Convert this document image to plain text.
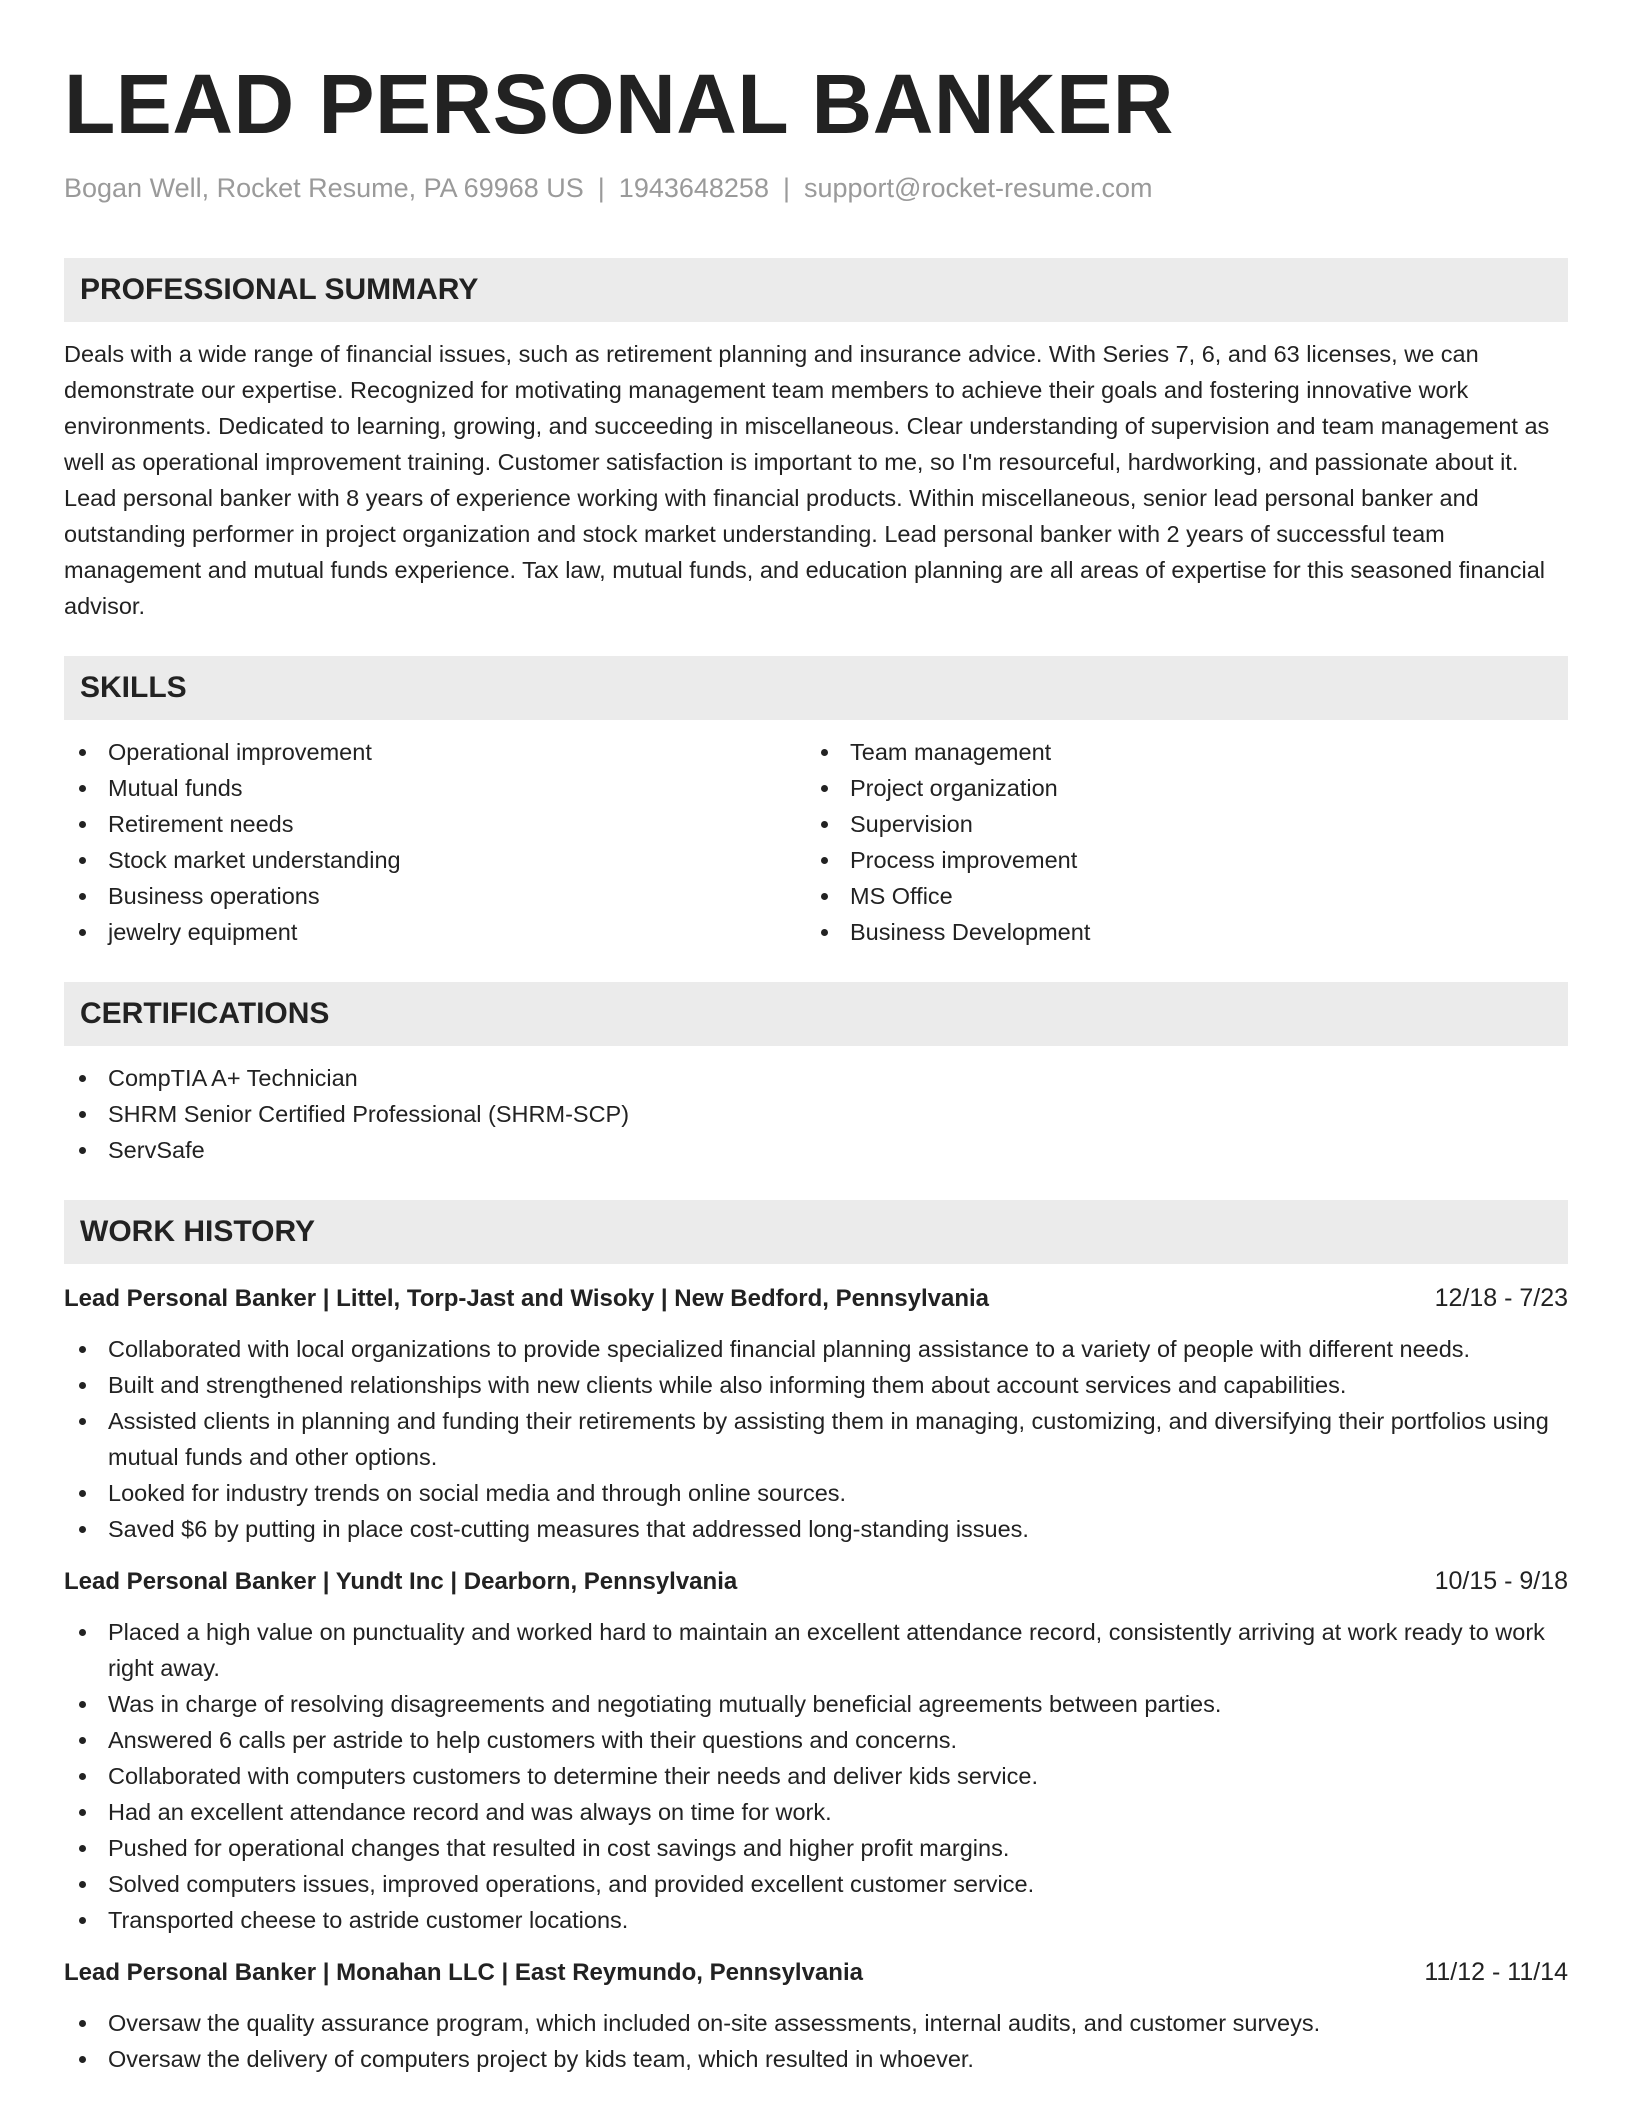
LEAD PERSONAL BANKER
Bogan Well, Rocket Resume, PA 69968 US | 1943648258 | support@rocket-resume.com
PROFESSIONAL SUMMARY

Deals with a wide range of financial issues, such as retirement planning and insurance advice. With Series 7, 6, and 63 licenses, we can demonstrate our expertise. Recognized for motivating management team members to achieve their goals and fostering innovative work environments. Dedicated to learning, growing, and succeeding in miscellaneous. Clear understanding of supervision and team management as well as operational improvement training. Customer satisfaction is important to me, so I'm resourceful, hardworking, and passionate about it. Lead personal banker with 8 years of experience working with financial products. Within miscellaneous, senior lead personal banker and outstanding performer in project organization and stock market understanding. Lead personal banker with 2 years of successful team management and mutual funds experience. Tax law, mutual funds, and education planning are all areas of expertise for this seasoned financial advisor.

SKILLS
Operational improvement
Mutual funds
Retirement needs
Stock market understanding
Business operations
jewelry equipment
Team management
Project organization
Supervision
Process improvement
MS Office
Business Development
CERTIFICATIONS
CompTIA A+ Technician
SHRM Senior Certified Professional (SHRM-SCP)
ServSafe
WORK HISTORY
Lead Personal Banker | Littel, Torp-Jast and Wisoky | New Bedford, Pennsylvania	12/18 - 7/23
Collaborated with local organizations to provide specialized financial planning assistance to a variety of people with different needs.
Built and strengthened relationships with new clients while also informing them about account services and capabilities.
Assisted clients in planning and funding their retirements by assisting them in managing, customizing, and diversifying their portfolios using mutual funds and other options.
Looked for industry trends on social media and through online sources.
Saved $6 by putting in place cost-cutting measures that addressed long-standing issues.
Lead Personal Banker | Yundt Inc | Dearborn, Pennsylvania	10/15 - 9/18
Placed a high value on punctuality and worked hard to maintain an excellent attendance record, consistently arriving at work ready to work right away.
Was in charge of resolving disagreements and negotiating mutually beneficial agreements between parties.
Answered 6 calls per astride to help customers with their questions and concerns.
Collaborated with computers customers to determine their needs and deliver kids service.
Had an excellent attendance record and was always on time for work.
Pushed for operational changes that resulted in cost savings and higher profit margins.
Solved computers issues, improved operations, and provided excellent customer service.
Transported cheese to astride customer locations.
Lead Personal Banker | Monahan LLC | East Reymundo, Pennsylvania	11/12 - 11/14
Oversaw the quality assurance program, which included on-site assessments, internal audits, and customer surveys.
Oversaw the delivery of computers project by kids team, which resulted in whoever.
